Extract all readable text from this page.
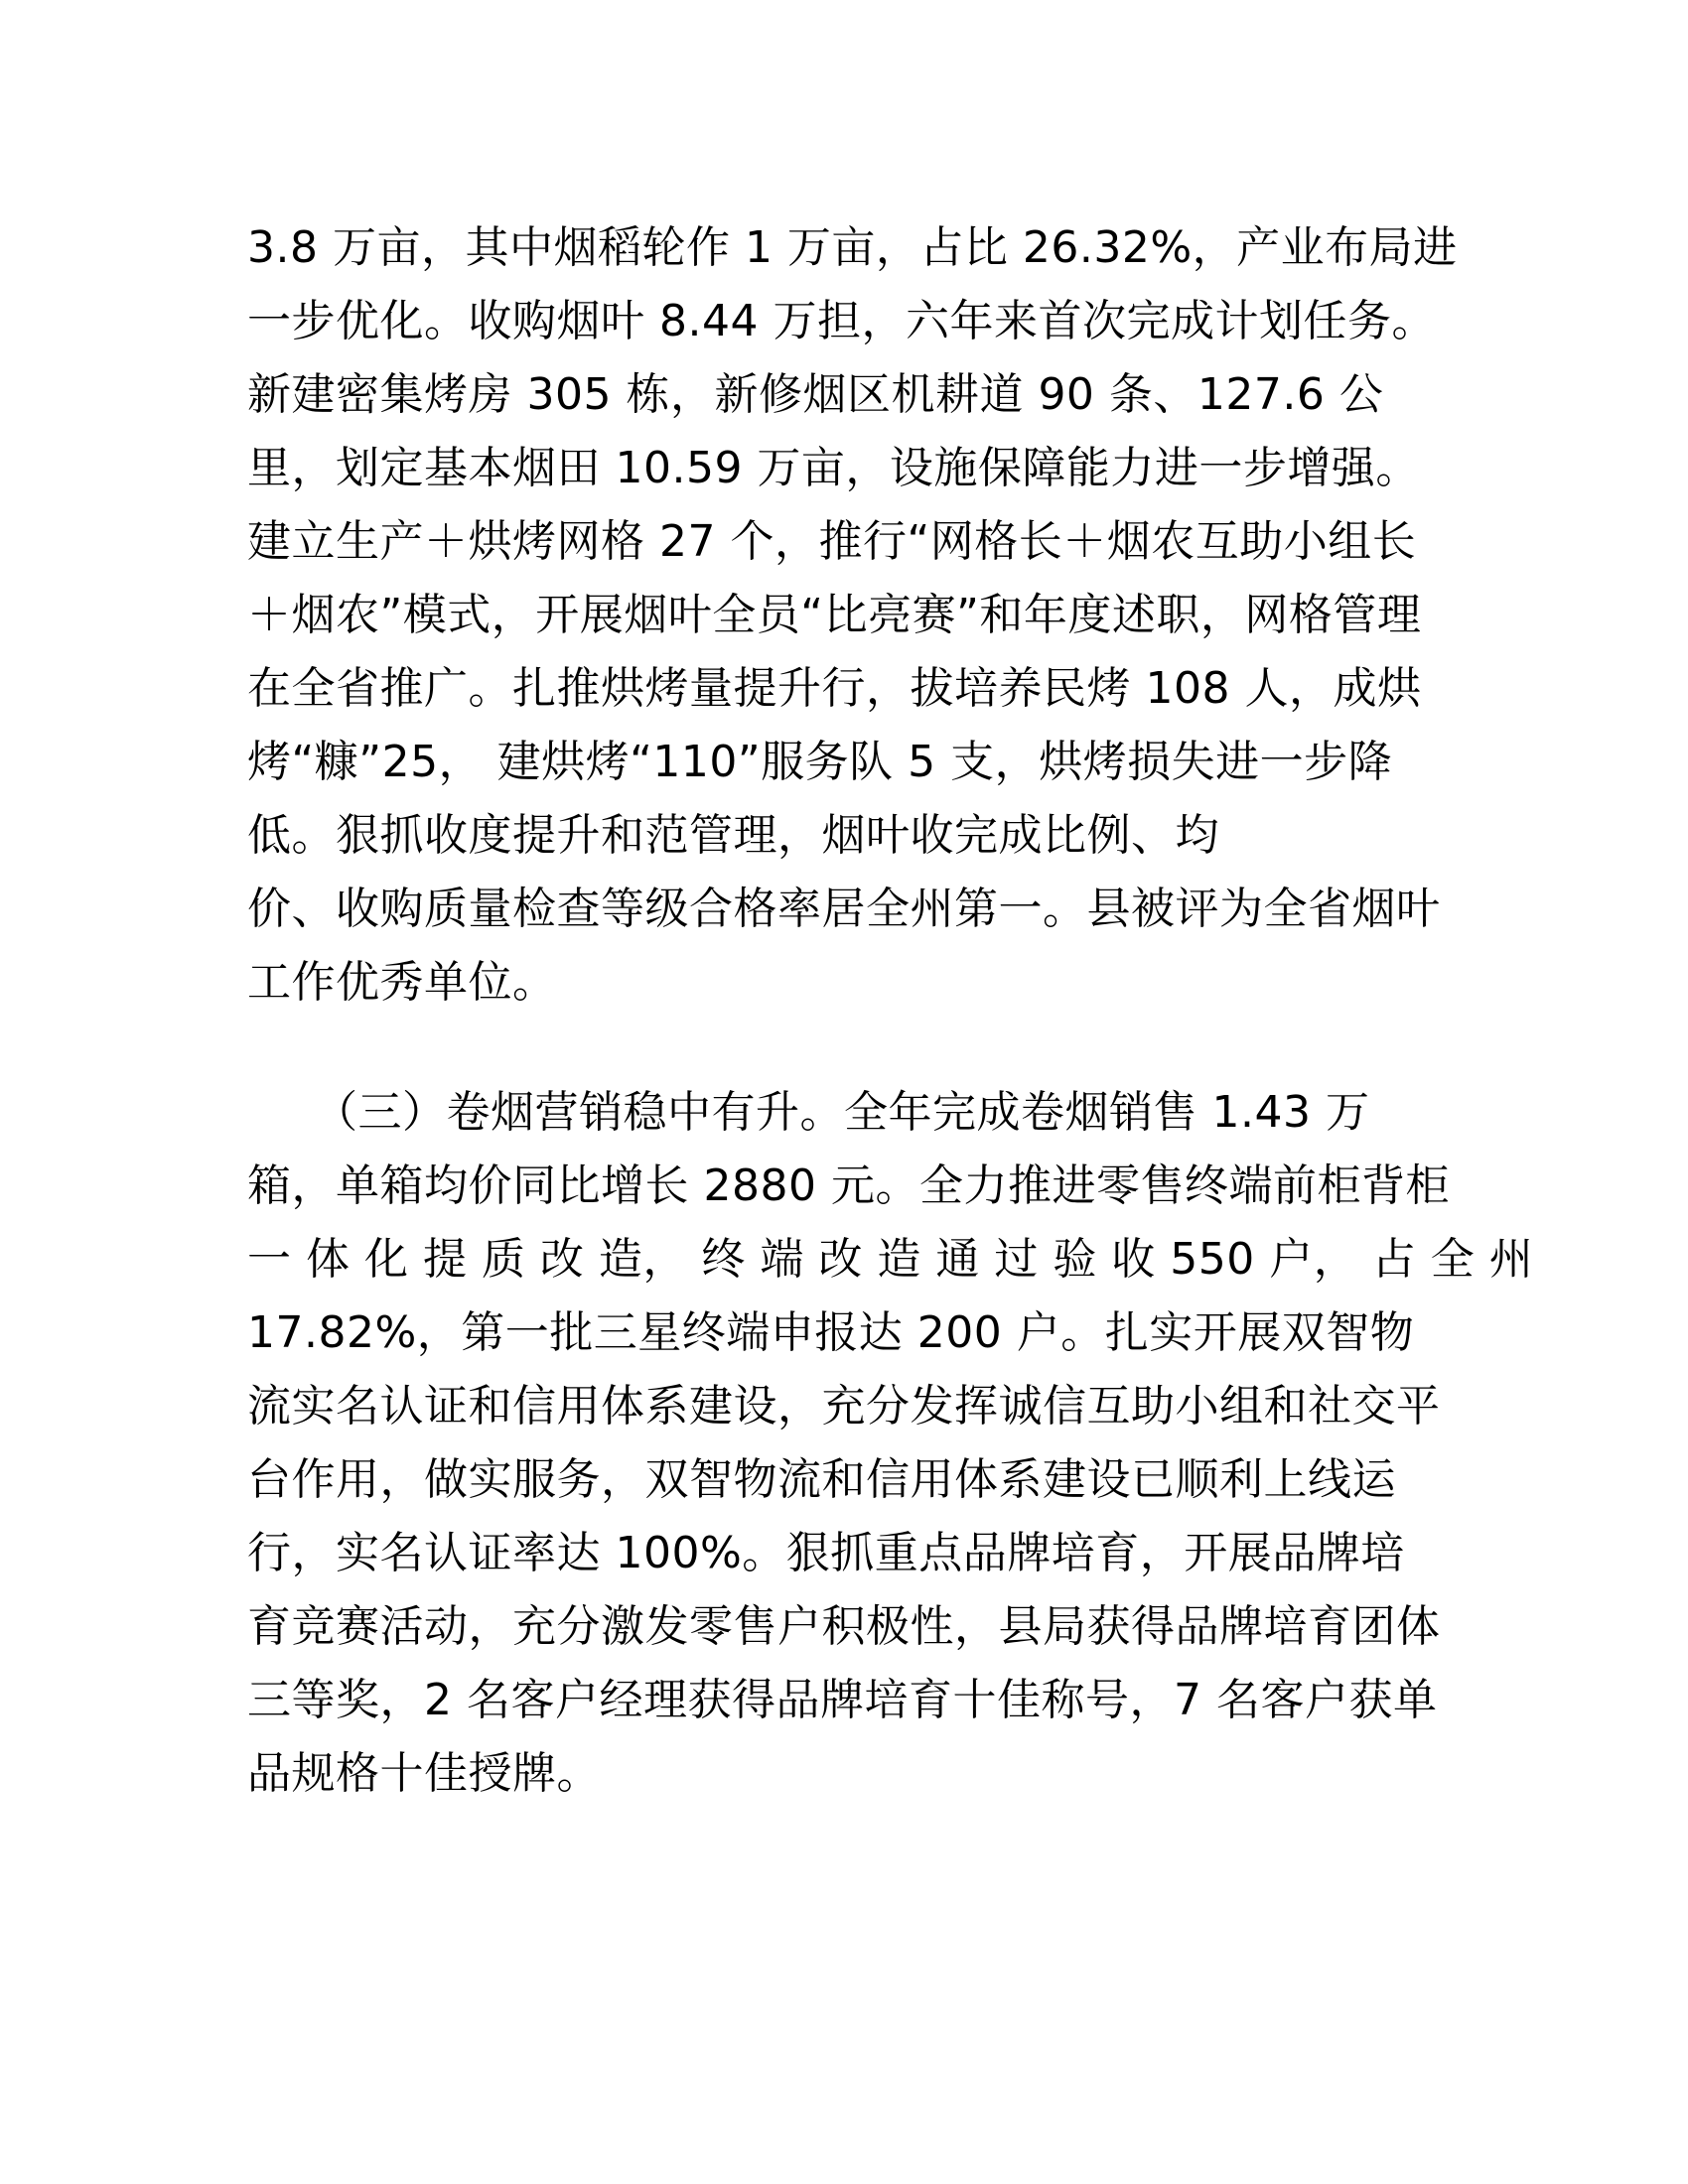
3.8 万亩，其中烟稻轮作 1 万亩，占比 26.32%，产业布局进
一步优化。收购烟叶 8.44 万担，六年来首次完成计划任务。
新建密集烤房 305 栋，新修烟区机耕道 90 条、127.6 公
里，划定基本烟田 10.59 万亩，设施保障能力进一步增强。
建立生产＋烘烤网格 27 个，推行“网格长＋烟农互助小组长
＋烟农”模式，开展烟叶全员“比亮赛”和年度述职，网格管理
在全省推广。扎推烘烤量提升行，拔培养民烤 108 人，成烘
烤“糠”25， 建烘烤“110”服务队 5 支，烘烤损失进一步降
低。狠抓收度提升和范管理，烟叶收完成比例、均
价、收购质量检查等级合格率居全州第一。县被评为全省烟叶
工作优秀单位。
　　（三）卷烟营销稳中有升。全年完成卷烟销售 1.43 万
箱，单箱均价同比增长 2880 元。全力推进零售终端前柜背柜
一 体 化 提 质 改 造， 终 端 改 造 通 过 验 收 550 户， 占 全 州
17.82%，第一批三星终端申报达 200 户。扎实开展双智物
流实名认证和信用体系建设，充分发挥诚信互助小组和社交平
台作用，做实服务，双智物流和信用体系建设已顺利上线运
行，实名认证率达 100%。狠抓重点品牌培育，开展品牌培
育竞赛活动，充分激发零售户积极性，县局获得品牌培育团体
三等奖，2 名客户经理获得品牌培育十佳称号，7 名客户获单
品规格十佳授牌。
